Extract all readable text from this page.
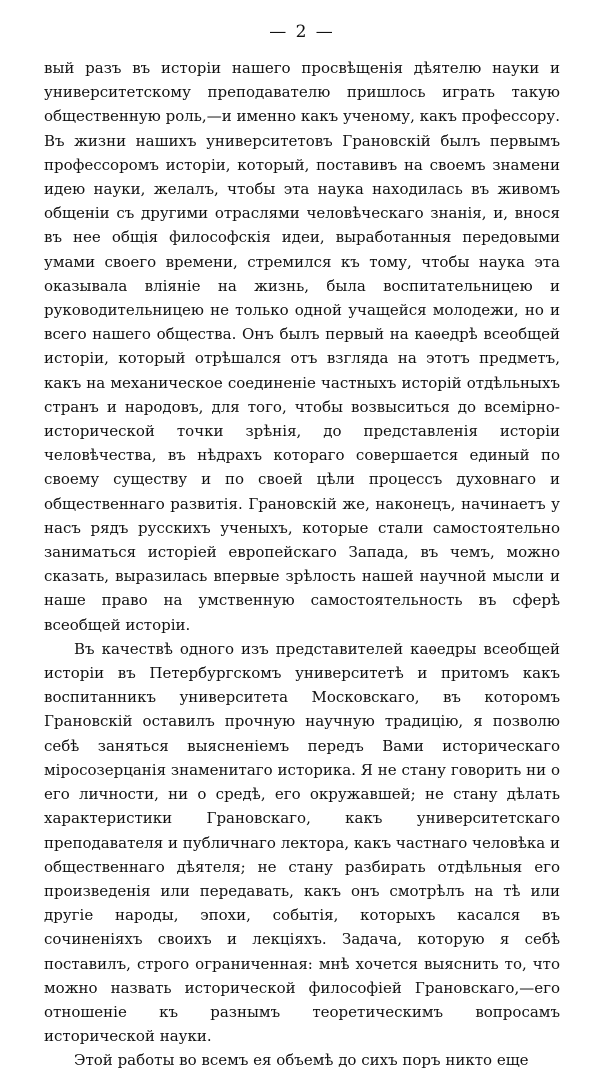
— 2 —

вый разъ въ исторіи нашего просвѣщенія дѣятелю науки и университетскому преподавателю пришлось играть такую общественную роль,—и именно какъ ученому, какъ профессору. Въ жизни нашихъ университетовъ Грановскій былъ первымъ профессоромъ исторіи, который, поставивъ на своемъ знамени идею науки, желалъ, чтобы эта наука находилась въ живомъ общеніи съ другими отраслями человѣческаго знанія, и, внося въ нее общія философскія идеи, выработанныя передовыми умами своего времени, стремился къ тому, чтобы наука эта оказывала вліяніе на жизнь, была воспитательницею и руководительницею не только одной учащейся молодежи, но и всего нашего общества. Онъ былъ первый на каѳедрѣ всеобщей исторіи, который отрѣшался отъ взгляда на этотъ предметъ, какъ на механическое соединеніе частныхъ исторій отдѣльныхъ странъ и народовъ, для того, чтобы возвыситься до всемірно-исторической точки зрѣнія, до представленія исторіи человѣчества, въ нѣдрахъ котораго совершается единый по своему существу и по своей цѣли процессъ духовнаго и общественнаго развитія. Грановскій же, наконецъ, начинаетъ у насъ рядъ русскихъ ученыхъ, которые стали самостоятельно заниматься исторіей европейскаго Запада, въ чемъ, можно сказать, выразилась впервые зрѣлость нашей научной мысли и наше право на умственную самостоятельность въ сферѣ всеобщей исторіи.

Въ качествѣ одного изъ представителей каѳедры всеобщей исторіи въ Петербургскомъ университетѣ и притомъ какъ воспитанникъ университета Московскаго, въ которомъ Грановскій оставилъ прочную научную традицію, я позволю себѣ заняться выясненіемъ передъ Вами историческаго міросозерцанія знаменитаго историка. Я не стану говорить ни о его личности, ни о средѣ, его окружавшей; не стану дѣлать характеристики Грановскаго, какъ университетскаго преподавателя и публичнаго лектора, какъ частнаго человѣка и общественнаго дѣятеля; не стану разбирать отдѣльныя его произведенія или передавать, какъ онъ смотрѣлъ на тѣ или другіе народы, эпохи, событія, которыхъ касался въ сочиненіяхъ своихъ и лекціяхъ. Задача, которую я себѣ поставилъ, строго ограниченная: мнѣ хочется выяснить то, что можно назвать исторической философіей Грановскаго,—его отношеніе къ разнымъ теоретическимъ вопросамъ исторической науки.

Этой работы во всемъ ея объемѣ до сихъ поръ никто еще
